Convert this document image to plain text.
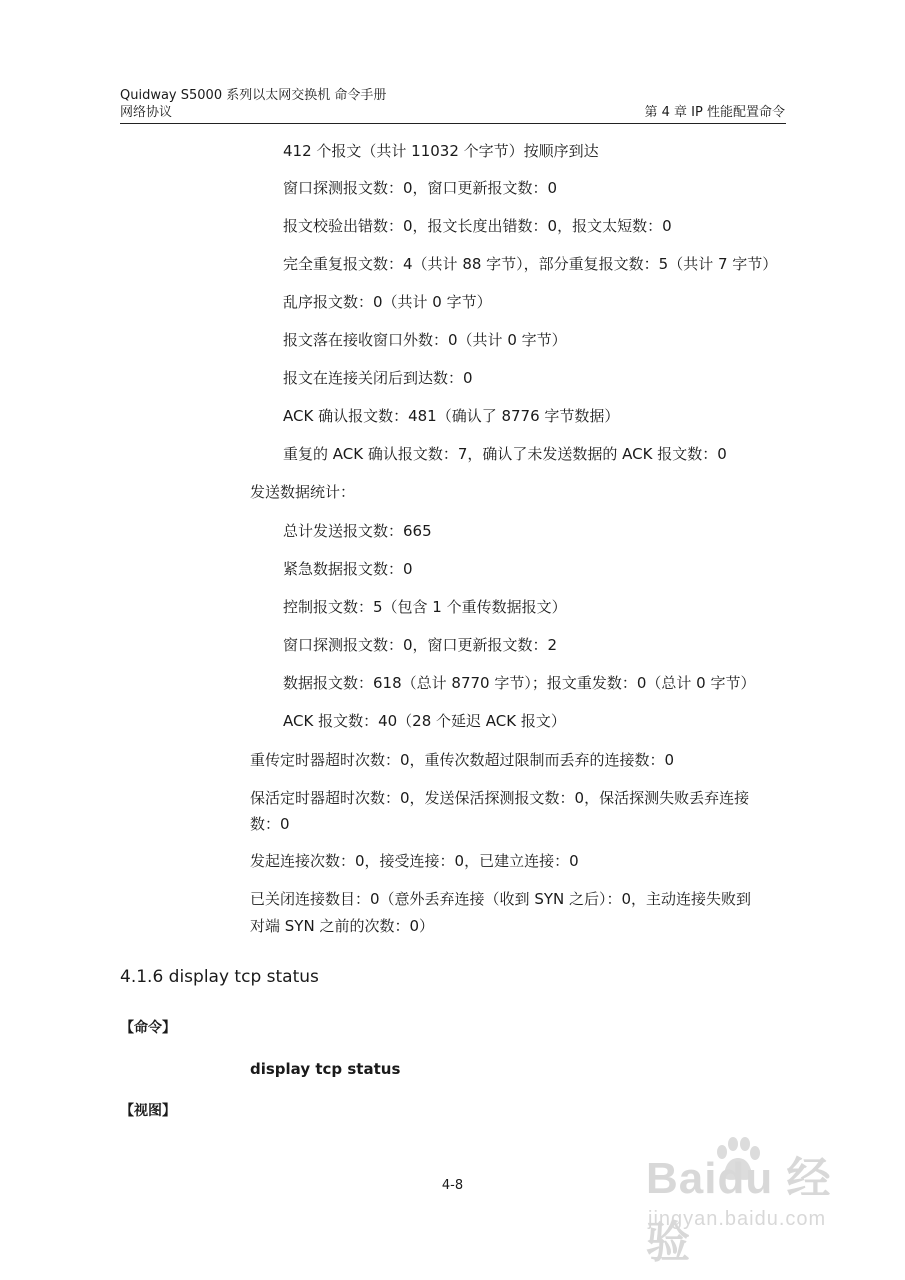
Quidway S5000 系列以太网交换机 命令手册
网络协议	第 4 章 IP 性能配置命令
412 个报文（共计 11032 个字节）按顺序到达
窗口探测报文数：0，窗口更新报文数：0
报文校验出错数：0，报文长度出错数：0，报文太短数：0
完全重复报文数：4（共计 88 字节），部分重复报文数：5（共计 7 字节）
乱序报文数：0（共计 0 字节）
报文落在接收窗口外数：0（共计 0 字节）
报文在连接关闭后到达数：0
ACK 确认报文数：481（确认了 8776 字节数据）
重复的 ACK 确认报文数：7，确认了未发送数据的 ACK 报文数：0
发送数据统计：
总计发送报文数：665
紧急数据报文数：0
控制报文数：5（包含 1 个重传数据报文）
窗口探测报文数：0，窗口更新报文数：2
数据报文数：618（总计 8770 字节）；报文重发数：0（总计 0 字节）
ACK 报文数：40（28 个延迟 ACK 报文）
重传定时器超时次数：0，重传次数超过限制而丢弃的连接数：0
保活定时器超时次数：0，发送保活探测报文数：0，保活探测失败丢弃连接
数：0
发起连接次数：0，接受连接：0，已建立连接：0
已关闭连接数目：0（意外丢弃连接（收到 SYN 之后）：0，主动连接失败到
对端 SYN 之前的次数：0）
4.1.6 display tcp status
【命令】
display tcp status
【视图】
4-8	Baidu 经验
jingyan.baidu.com
